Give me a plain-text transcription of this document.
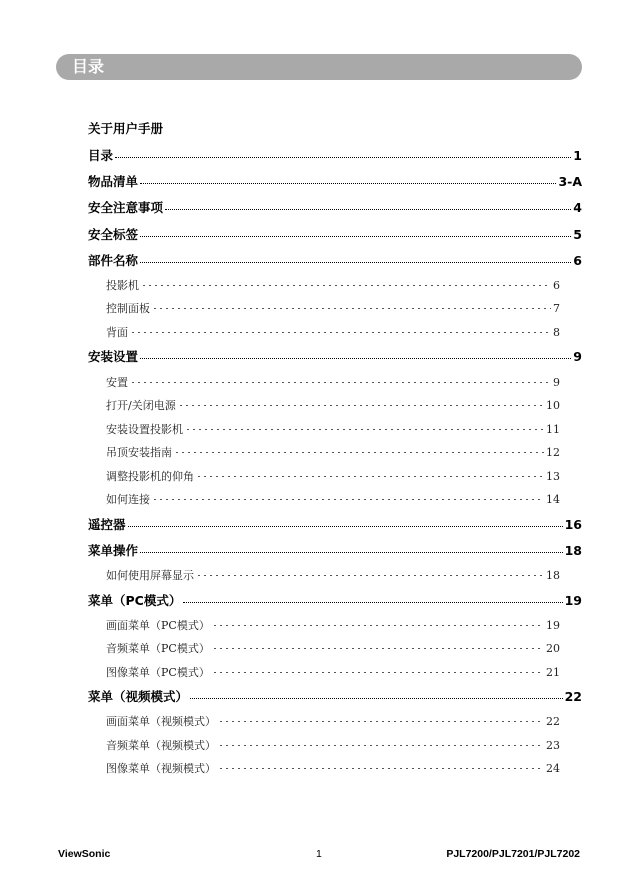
目录
关于用户手册
目录	1
物品清单	3-A
安全注意事项	4
安全标签	5
部件名称	6
投影机	6
控制面板	7
背面	8
安装设置	9
安置	9
打开/关闭电源	10
安装设置投影机	11
吊顶安装指南	12
调整投影机的仰角	13
如何连接	14
遥控器	16
菜单操作	18
如何使用屏幕显示	18
菜单（PC模式）	19
画面菜单（PC模式）	19
音频菜单（PC模式）	20
图像菜单（PC模式）	21
菜单（视频模式）	22
画面菜单（视频模式）	22
音频菜单（视频模式）	23
图像菜单（视频模式）	24
ViewSonic	1	PJL7200/PJL7201/PJL7202
